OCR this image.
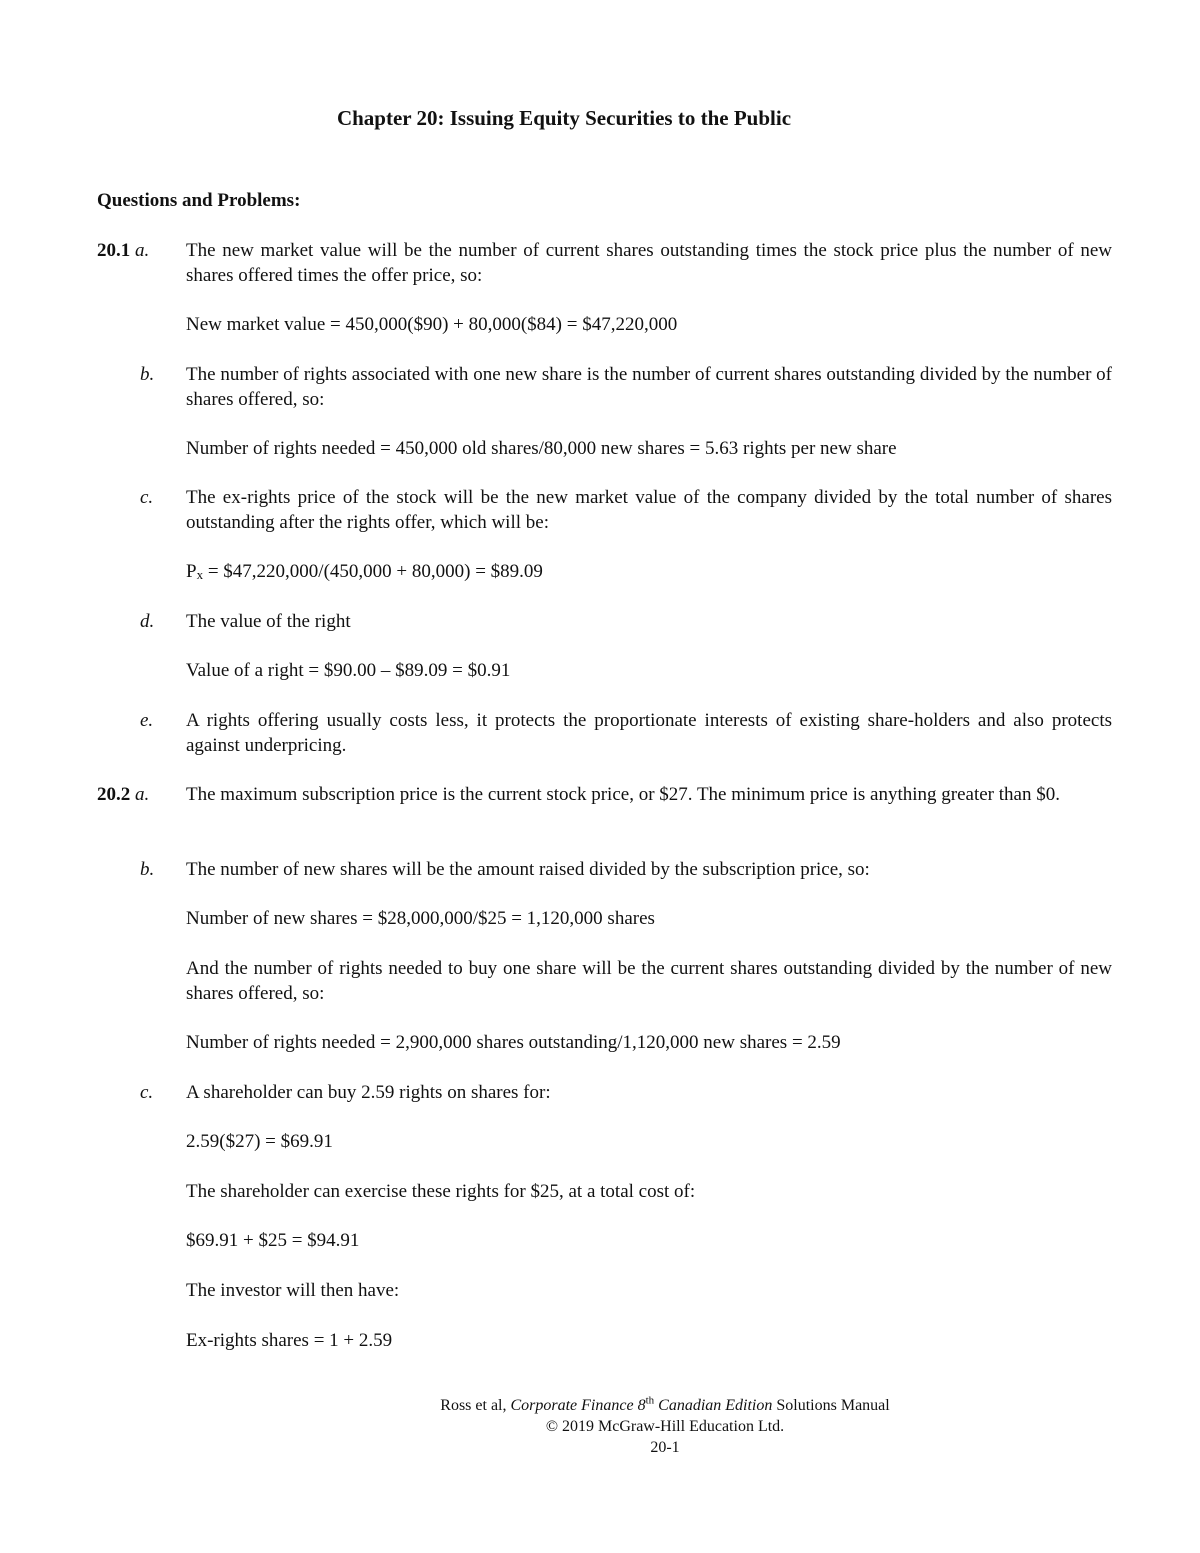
Chapter 20: Issuing Equity Securities to the Public
Questions and Problems:
20.1 a. The new market value will be the number of current shares outstanding times the stock price plus the number of new shares offered times the offer price, so:
New market value = 450,000($90) + 80,000($84) = $47,220,000
b. The number of rights associated with one new share is the number of current shares outstanding divided by the number of shares offered, so:
Number of rights needed = 450,000 old shares/80,000 new shares = 5.63 rights per new share
c. The ex-rights price of the stock will be the new market value of the company divided by the total number of shares outstanding after the rights offer, which will be:
Px = $47,220,000/(450,000 + 80,000) = $89.09
d. The value of the right
Value of a right = $90.00 – $89.09 = $0.91
e. A rights offering usually costs less, it protects the proportionate interests of existing share-holders and also protects against underpricing.
20.2 a. The maximum subscription price is the current stock price, or $27. The minimum price is anything greater than $0.
b. The number of new shares will be the amount raised divided by the subscription price, so:
Number of new shares = $28,000,000/$25 = 1,120,000 shares
And the number of rights needed to buy one share will be the current shares outstanding divided by the number of new shares offered, so:
Number of rights needed = 2,900,000 shares outstanding/1,120,000 new shares = 2.59
c. A shareholder can buy 2.59 rights on shares for:
2.59($27) = $69.91
The shareholder can exercise these rights for $25, at a total cost of:
$69.91 + $25 = $94.91
The investor will then have:
Ex-rights shares = 1 + 2.59
Ross et al, Corporate Finance 8th Canadian Edition Solutions Manual
© 2019 McGraw-Hill Education Ltd.
20-1
